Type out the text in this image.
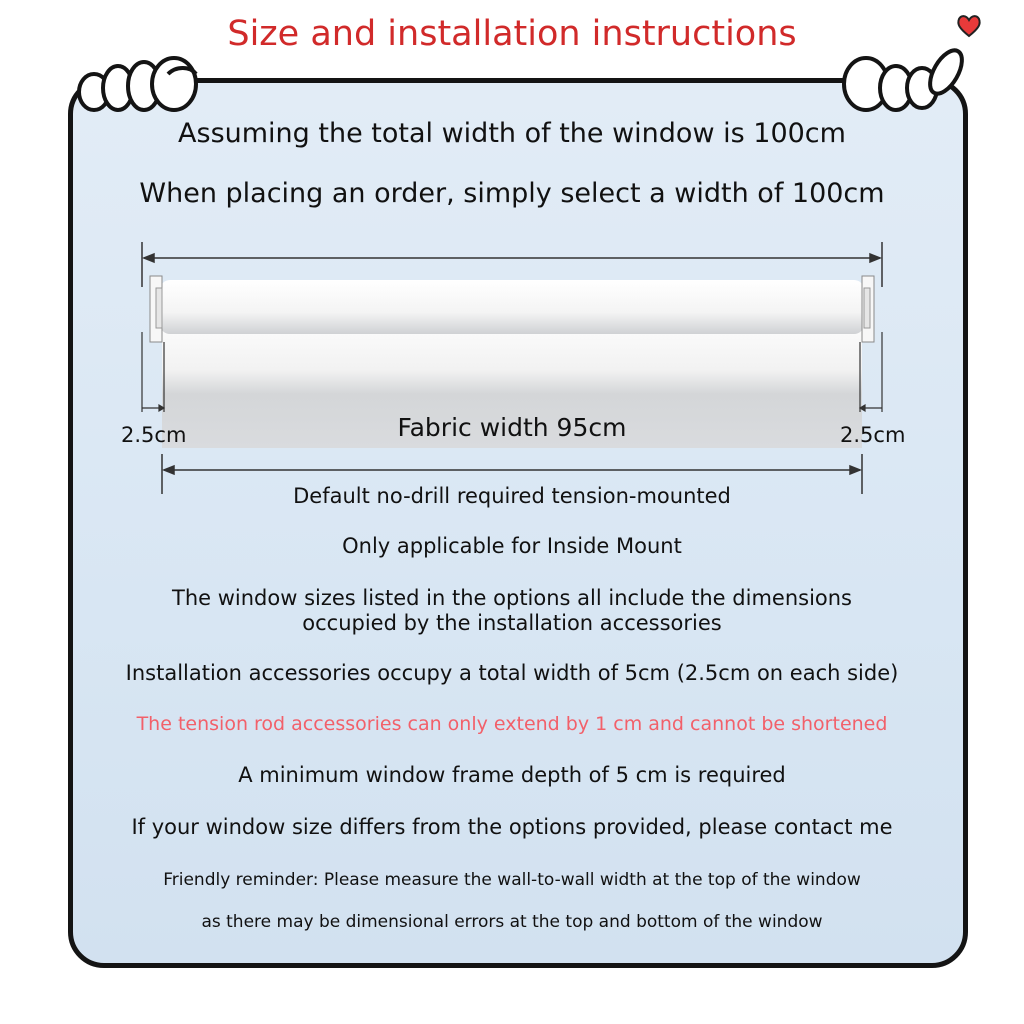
Size and installation instructions
Assuming the total width of the window is 100cm
When placing an order, simply select a width of 100cm
2.5cm	2.5cm
Fabric width 95cm
Default no-drill required tension-mounted
Only applicable for Inside Mount
The window sizes listed in the options all include the dimensions
occupied by the installation accessories
Installation accessories occupy a total width of 5cm (2.5cm on each side)
The tension rod accessories can only extend by 1 cm and cannot be shortened
A minimum window frame depth of 5 cm is required
If your window size differs from the options provided, please contact me
Friendly reminder: Please measure the wall-to-wall width at the top of the window
as there may be dimensional errors at the top and bottom of the window
